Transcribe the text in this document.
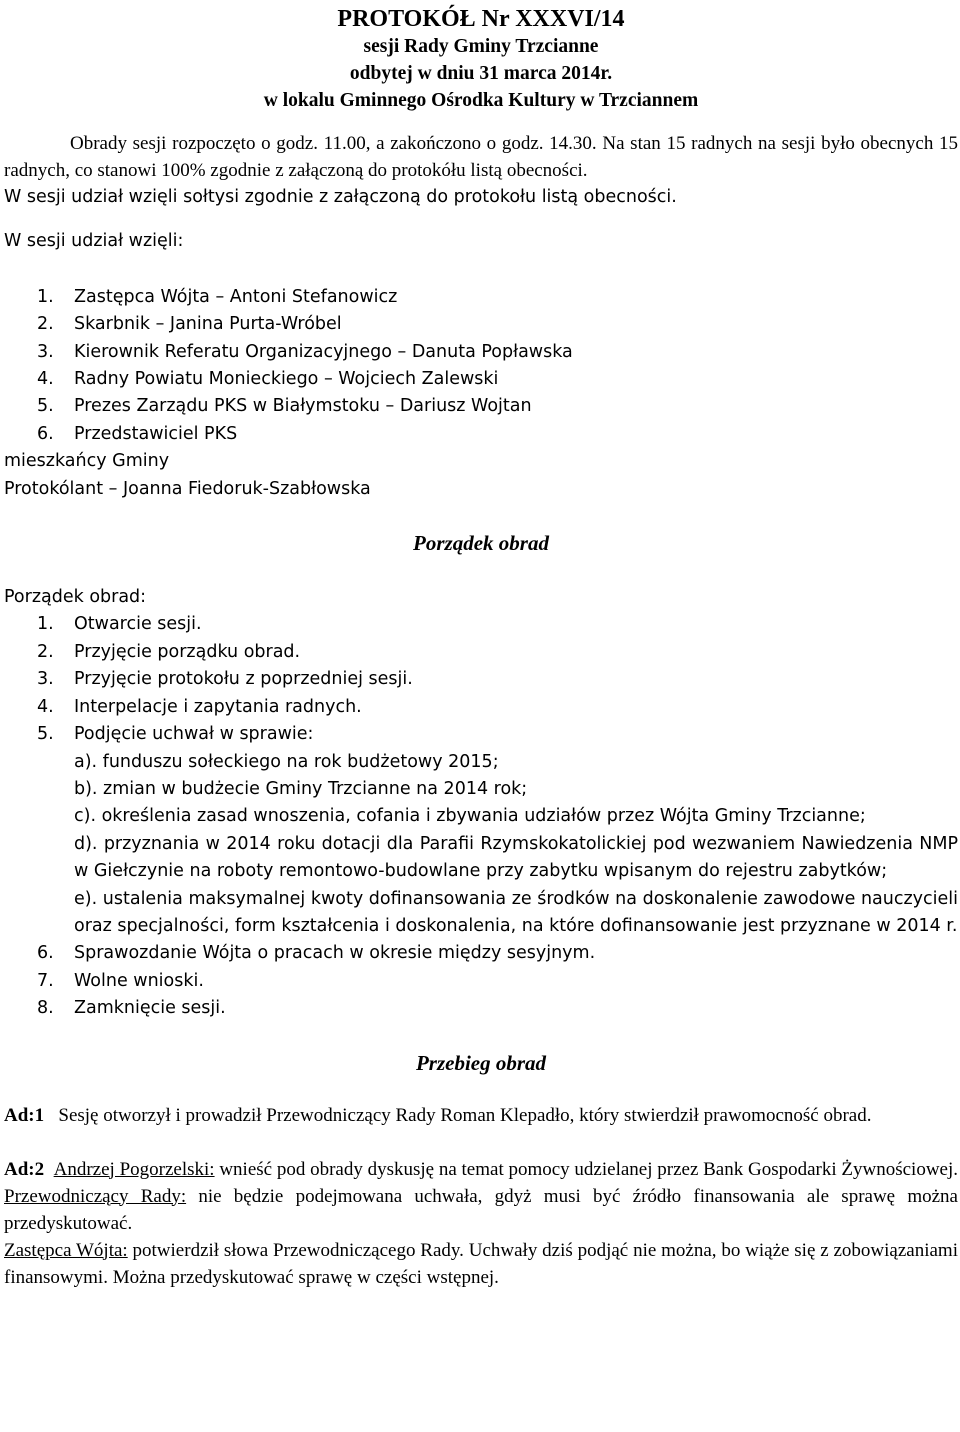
PROTOKÓŁ Nr XXXVI/14
sesji Rady Gminy Trzcianne
odbytej w dniu 31 marca 2014r.
w lokalu Gminnego Ośrodka Kultury w Trzciannem

Obrady sesji rozpoczęto o godz. 11.00, a zakończono o godz. 14.30. Na stan 15 radnych na sesji było obecnych 15 radnych, co stanowi 100% zgodnie z załączoną do protokółu listą obecności.

W sesji udział wzięli sołtysi zgodnie z załączoną do protokołu listą obecności.

W sesji udział wzięli:
1. Zastępca Wójta – Antoni Stefanowicz
2. Skarbnik – Janina Purta-Wróbel
3. Kierownik Referatu Organizacyjnego – Danuta Popławska
4. Radny Powiatu Monieckiego – Wojciech Zalewski
5. Prezes Zarządu PKS w Białymstoku – Dariusz Wojtan
6. Przedstawiciel PKS
mieszkańcy Gminy
Protokólant – Joanna Fiedoruk-Szabłowska
Porządek obrad
Porządek obrad:
1. Otwarcie sesji.
2. Przyjęcie porządku obrad.
3. Przyjęcie protokołu z poprzedniej sesji.
4. Interpelacje i zapytania radnych.
5. Podjęcie uchwał w sprawie:
a). funduszu sołeckiego na rok budżetowy 2015;
b). zmian w budżecie Gminy Trzcianne na 2014 rok;
c). określenia zasad wnoszenia, cofania i zbywania udziałów przez Wójta Gminy Trzcianne;
d). przyznania w 2014 roku dotacji dla Parafii Rzymskokatolickiej pod wezwaniem Nawiedzenia NMP w Giełczynie na roboty remontowo-budowlane przy zabytku wpisanym do rejestru zabytków;
e). ustalenia maksymalnej kwoty dofinansowania ze środków na doskonalenie zawodowe nauczycieli oraz specjalności, form kształcenia i doskonalenia, na które dofinansowanie jest przyznane w 2014 r.
6. Sprawozdanie Wójta o pracach w okresie między sesyjnym.
7. Wolne wnioski.
8. Zamknięcie sesji.
Przebieg obrad

Ad:1 Sesję otworzył i prowadził Przewodniczący Rady Roman Klepadło, który stwierdził prawomocność obrad.

Ad:2 Andrzej Pogorzelski: wnieść pod obrady dyskusję na temat pomocy udzielanej przez Bank Gospodarki Żywnościowej.

Przewodniczący Rady: nie będzie podejmowana uchwała, gdyż musi być źródło finansowania ale sprawę można przedyskutować.

Zastępca Wójta: potwierdził słowa Przewodniczącego Rady. Uchwały dziś podjąć nie można, bo wiąże się z zobowiązaniami finansowymi. Można przedyskutować sprawę w części wstępnej.
